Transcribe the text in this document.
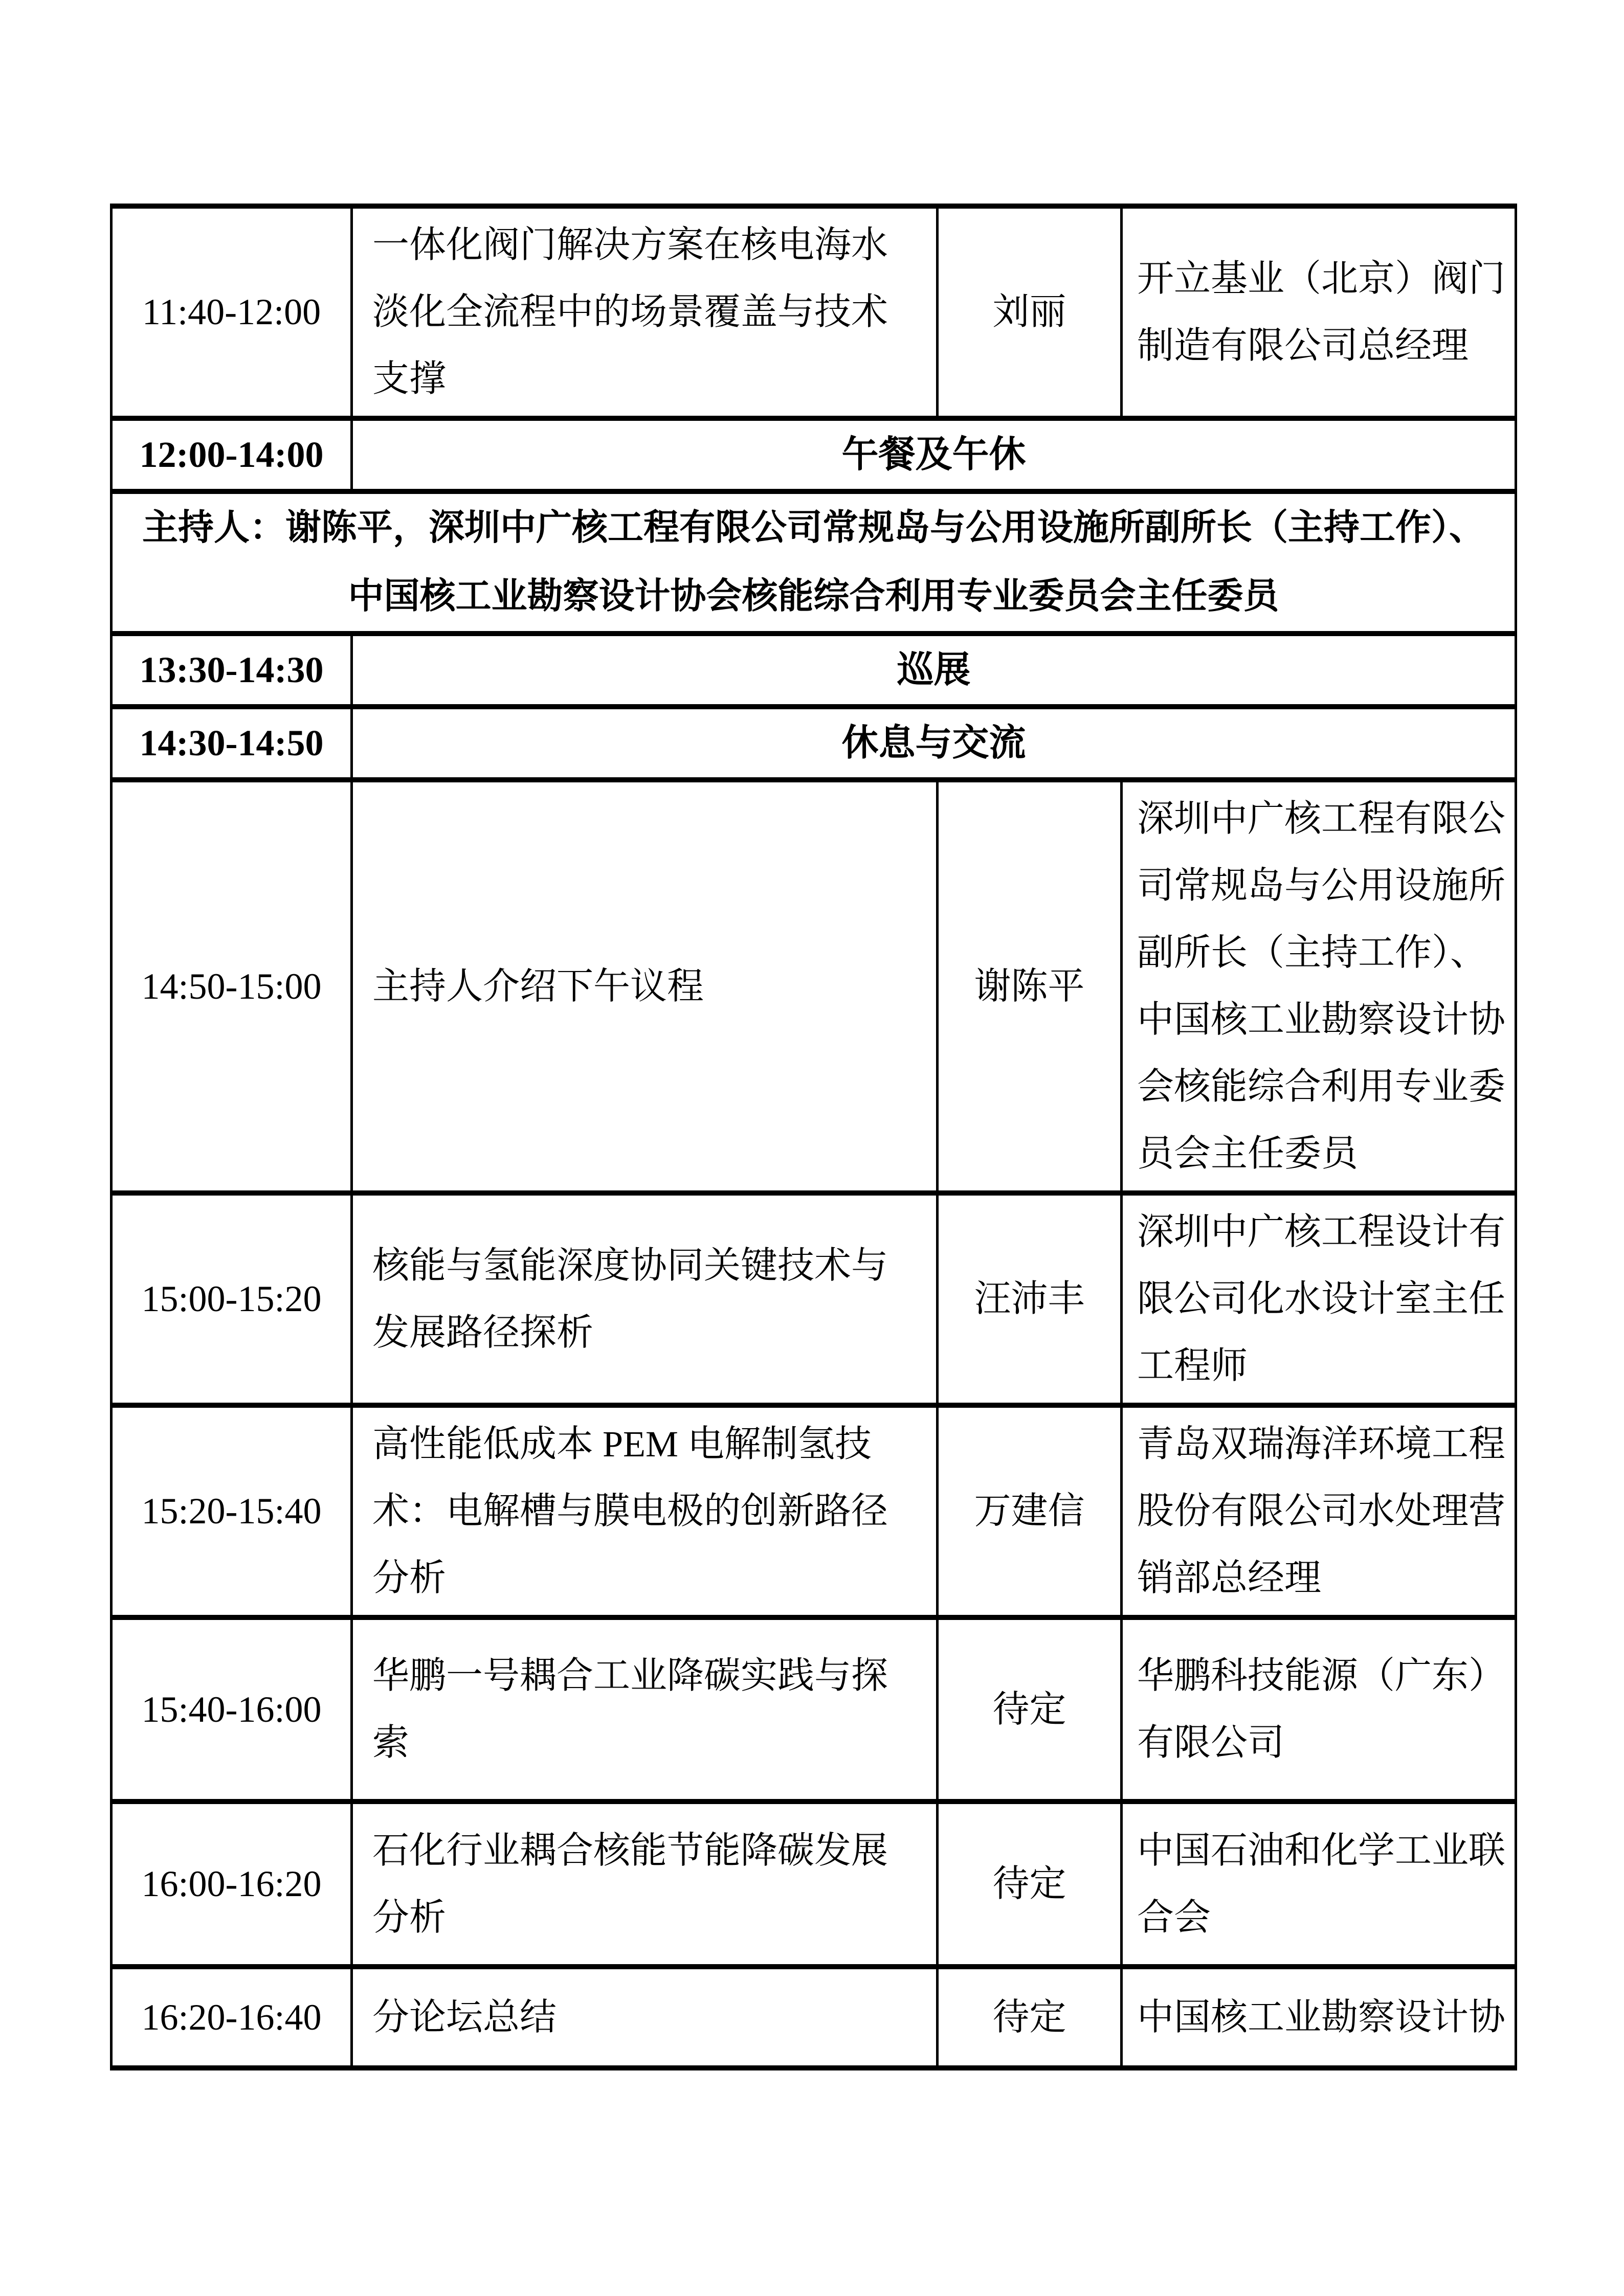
11:40-12:00	一体化阀门解决方案在核电海水淡化全流程中的场景覆盖与技术支撑	刘丽	开立基业（北京）阀门制造有限公司总经理
12:00-14:00	午餐及午休		

主持人：谢陈平，深圳中广核工程有限公司常规岛与公用设施所副所长（主持工作）、
中国核工业勘察设计协会核能综合利用专业委员会主任委员			

13:30-14:30	巡展		
14:30-14:50	休息与交流		
14:50-15:00	主持人介绍下午议程	谢陈平	深圳中广核工程有限公司常规岛与公用设施所副所长（主持工作）、中国核工业勘察设计协会核能综合利用专业委员会主任委员
15:00-15:20	核能与氢能深度协同关键技术与发展路径探析	汪沛丰	深圳中广核工程设计有限公司化水设计室主任工程师
15:20-15:40	高性能低成本 PEM 电解制氢技术：电解槽与膜电极的创新路径分析	万建信	青岛双瑞海洋环境工程股份有限公司水处理营销部总经理
15:40-16:00	华鹏一号耦合工业降碳实践与探索	待定	华鹏科技能源（广东）有限公司
16:00-16:20	石化行业耦合核能节能降碳发展分析	待定	中国石油和化学工业联合会
16:20-16:40	分论坛总结	待定	中国核工业勘察设计协
